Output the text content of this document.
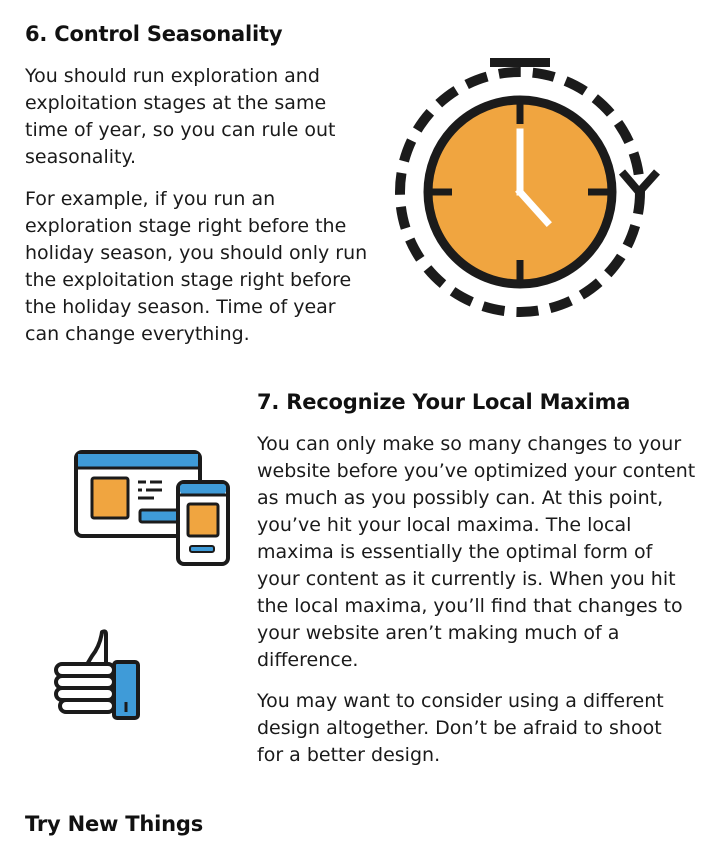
6. Control Seasonality

You should run exploration and exploitation stages at the same time of year, so you can rule out seasonality.

For example, if you run an exploration stage right before the holiday season, you should only run the exploitation stage right before the holiday season. Time of year can change everything.

7. Recognize Your Local Maxima

You can only make so many changes to your website before you’ve optimized your content as much as you possibly can. At this point, you’ve hit your local maxima. The local maxima is essentially the optimal form of your content as it currently is. When you hit the local maxima, you’ll find that changes to your website aren’t making much of a difference.

You may want to consider using a different design altogether. Don’t be afraid to shoot for a better design.

Try New Things
